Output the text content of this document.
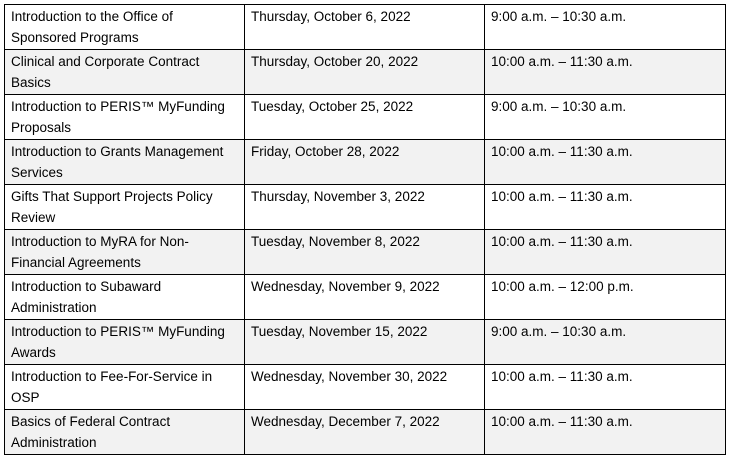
Introduction to the Office of Sponsored Programs	Thursday, October 6, 2022	9:00 a.m. – 10:30 a.m.
Clinical and Corporate Contract Basics	Thursday, October 20, 2022	10:00 a.m. – 11:30 a.m.
Introduction to PERIS™ MyFunding Proposals	Tuesday, October 25, 2022	9:00 a.m. – 10:30 a.m.
Introduction to Grants Management Services	Friday, October 28, 2022	10:00 a.m. – 11:30 a.m.
Gifts That Support Projects Policy Review	Thursday, November 3, 2022	10:00 a.m. – 11:30 a.m.
Introduction to MyRA for Non-Financial Agreements	Tuesday, November 8, 2022	10:00 a.m. – 11:30 a.m.
Introduction to Subaward Administration	Wednesday, November 9, 2022	10:00 a.m. – 12:00 p.m.
Introduction to PERIS™ MyFunding Awards	Tuesday, November 15, 2022	9:00 a.m. – 10:30 a.m.
Introduction to Fee-For-Service in OSP	Wednesday, November 30, 2022	10:00 a.m. – 11:30 a.m.
Basics of Federal Contract Administration	Wednesday, December 7, 2022	10:00 a.m. – 11:30 a.m.
